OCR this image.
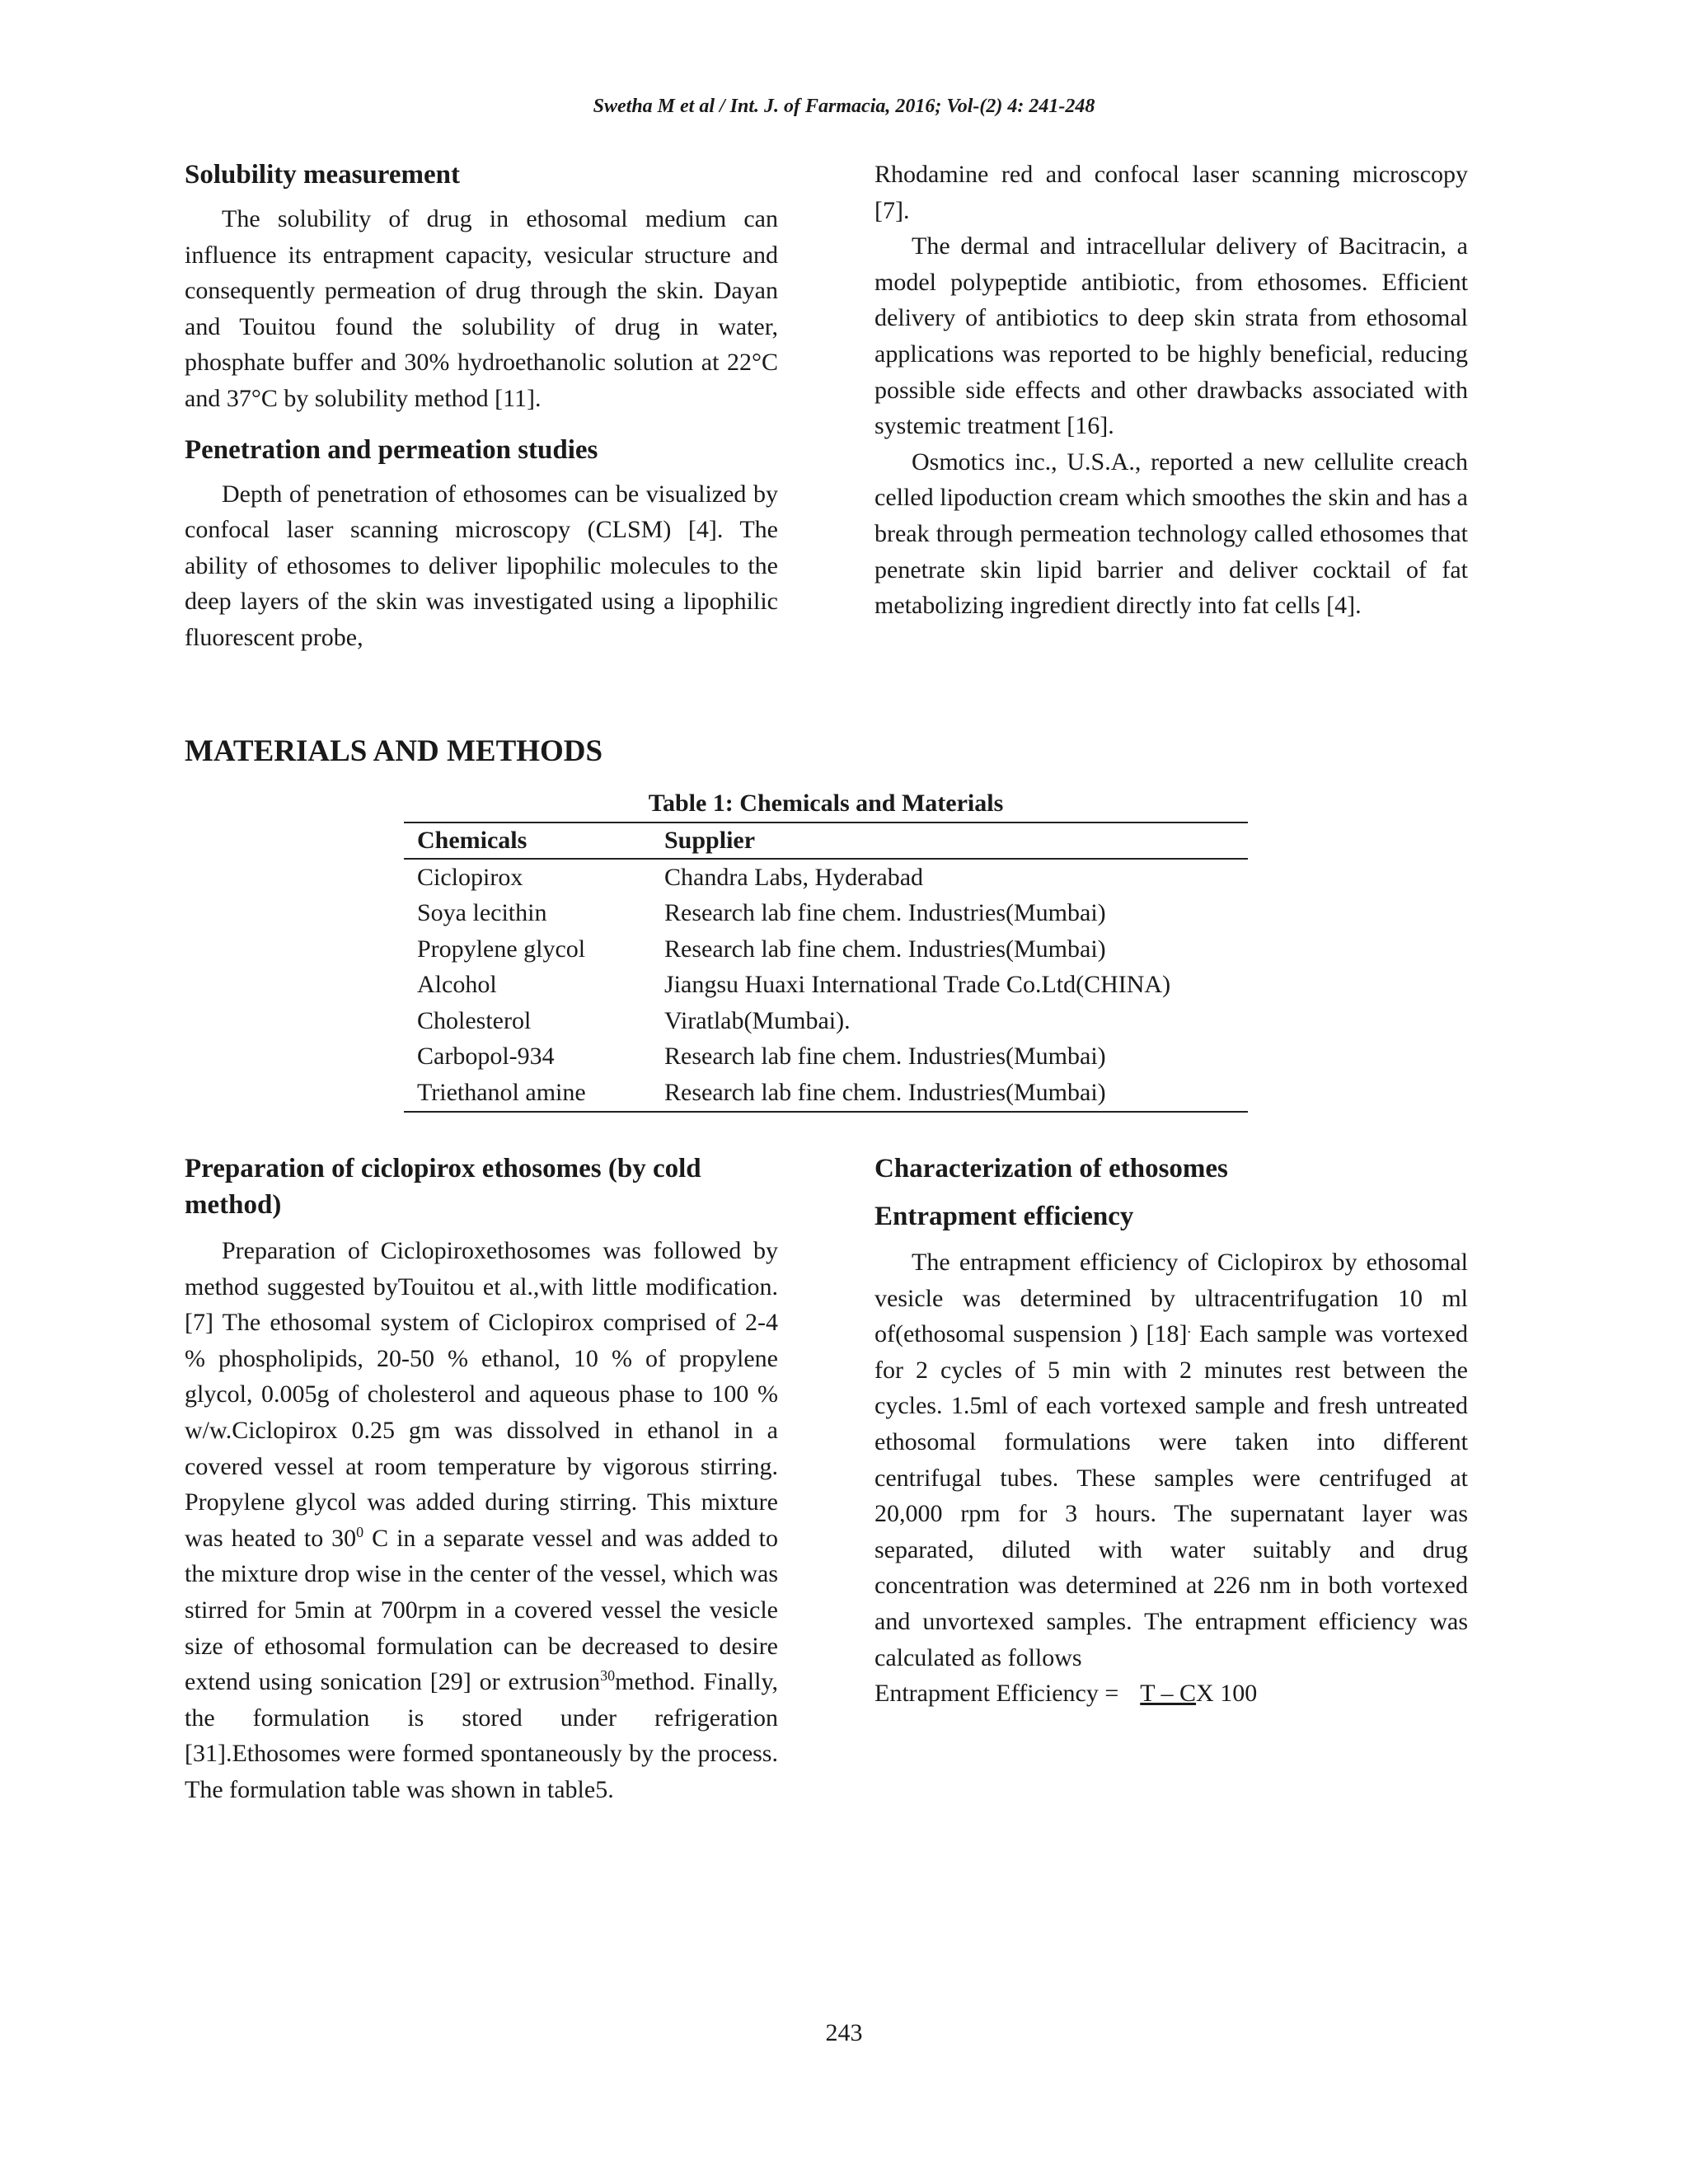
Swetha M et al / Int. J. of Farmacia, 2016; Vol-(2) 4: 241-248
Solubility measurement

The solubility of drug in ethosomal medium can influence its entrapment capacity, vesicular structure and consequently permeation of drug through the skin. Dayan and Touitou found the solubility of drug in water, phosphate buffer and 30% hydroethanolic solution at 22°C and 37°C by solubility method [11].

Penetration and permeation studies

Depth of penetration of ethosomes can be visualized by confocal laser scanning microscopy (CLSM) [4]. The ability of ethosomes to deliver lipophilic molecules to the deep layers of the skin was investigated using a lipophilic fluorescent probe,

Rhodamine red and confocal laser scanning microscopy [7].

The dermal and intracellular delivery of Bacitracin, a model polypeptide antibiotic, from ethosomes. Efficient delivery of antibiotics to deep skin strata from ethosomal applications was reported to be highly beneficial, reducing possible side effects and other drawbacks associated with systemic treatment [16].

Osmotics inc., U.S.A., reported a new cellulite creach celled lipoduction cream which smoothes the skin and has a break through permeation technology called ethosomes that penetrate skin lipid barrier and deliver cocktail of fat metabolizing ingredient directly into fat cells [4].

MATERIALS AND METHODS
Table 1: Chemicals and Materials
Chemicals	Supplier
Ciclopirox	Chandra Labs, Hyderabad
Soya lecithin	Research lab fine chem. Industries(Mumbai)
Propylene glycol	Research lab fine chem. Industries(Mumbai)
Alcohol	Jiangsu Huaxi International Trade Co.Ltd(CHINA)
Cholesterol	Viratlab(Mumbai).
Carbopol-934	Research lab fine chem. Industries(Mumbai)
Triethanol amine	Research lab fine chem. Industries(Mumbai)
Preparation of ciclopirox ethosomes (by cold method)

Preparation of Ciclopiroxethosomes was followed by method suggested byTouitou et al.,with little modification. [7] The ethosomal system of Ciclopirox comprised of 2-4 % phospholipids, 20-50 % ethanol, 10 % of propylene glycol, 0.005g of cholesterol and aqueous phase to 100 % w/w.Ciclopirox 0.25 gm was dissolved in ethanol in a covered vessel at room temperature by vigorous stirring. Propylene glycol was added during stirring. This mixture was heated to $30^0$ C in a separate vessel and was added to the mixture drop wise in the center of the vessel, which was stirred for 5min at 700rpm in a covered vessel the vesicle size of ethosomal formulation can be decreased to desire extend using sonication [29] or extrusion$^{30}$method. Finally, the formulation is stored under refrigeration [31].Ethosomes were formed spontaneously by the process. The formulation table was shown in table5.

Characterization of ethosomes
Entrapment efficiency

The entrapment efficiency of Ciclopirox by ethosomal vesicle was determined by ultracentrifugation 10 ml of(ethosomal suspension ) [18]. Each sample was vortexed for 2 cycles of 5 min with 2 minutes rest between the cycles. 1.5ml of each vortexed sample and fresh untreated ethosomal formulations were taken into different centrifugal tubes. These samples were centrifuged at 20,000 rpm for 3 hours. The supernatant layer was separated, diluted with water suitably and drug concentration was determined at 226 nm in both vortexed and unvortexed samples. The entrapment efficiency was calculated as follows

Entrapment Efficiency = T – CX 100

243
